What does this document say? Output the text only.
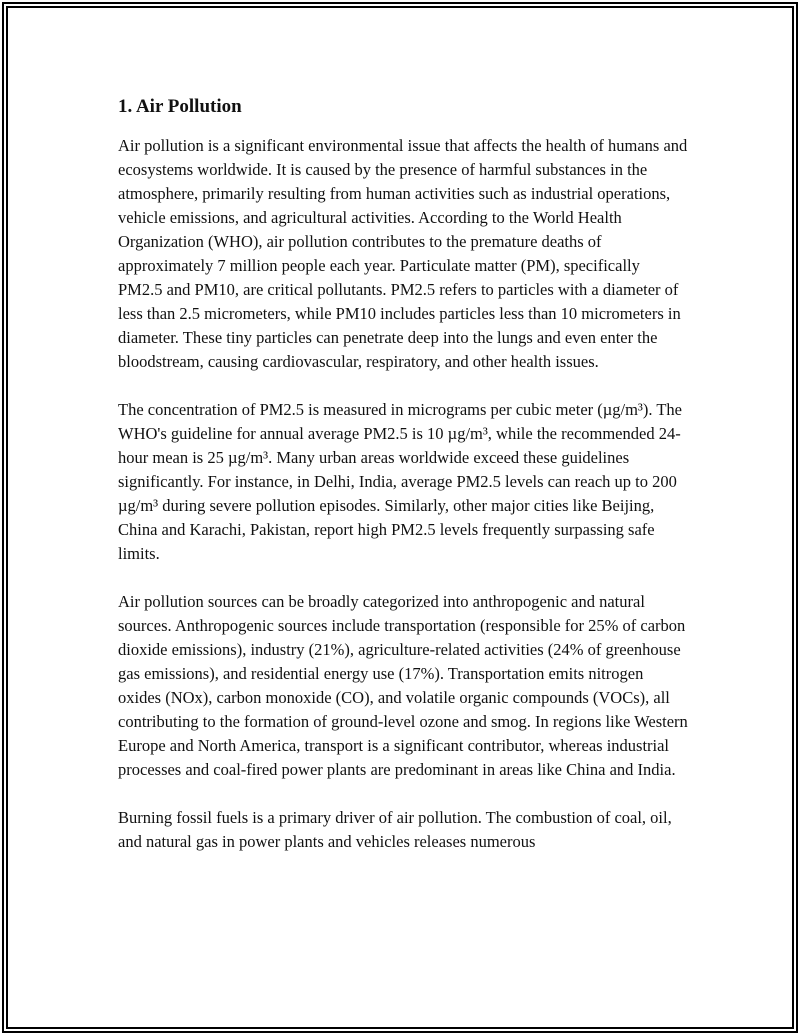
1. Air Pollution

Air pollution is a significant environmental issue that affects the health of humans and ecosystems worldwide. It is caused by the presence of harmful substances in the atmosphere, primarily resulting from human activities such as industrial operations, vehicle emissions, and agricultural activities. According to the World Health Organization (WHO), air pollution contributes to the premature deaths of approximately 7 million people each year. Particulate matter (PM), specifically PM2.5 and PM10, are critical pollutants. PM2.5 refers to particles with a diameter of less than 2.5 micrometers, while PM10 includes particles less than 10 micrometers in diameter. These tiny particles can penetrate deep into the lungs and even enter the bloodstream, causing cardiovascular, respiratory, and other health issues.

The concentration of PM2.5 is measured in micrograms per cubic meter (µg/m³). The WHO's guideline for annual average PM2.5 is 10 µg/m³, while the recommended 24-hour mean is 25 µg/m³. Many urban areas worldwide exceed these guidelines significantly. For instance, in Delhi, India, average PM2.5 levels can reach up to 200 µg/m³ during severe pollution episodes. Similarly, other major cities like Beijing, China and Karachi, Pakistan, report high PM2.5 levels frequently surpassing safe limits.

Air pollution sources can be broadly categorized into anthropogenic and natural sources. Anthropogenic sources include transportation (responsible for 25% of carbon dioxide emissions), industry (21%), agriculture-related activities (24% of greenhouse gas emissions), and residential energy use (17%). Transportation emits nitrogen oxides (NOx), carbon monoxide (CO), and volatile organic compounds (VOCs), all contributing to the formation of ground-level ozone and smog. In regions like Western Europe and North America, transport is a significant contributor, whereas industrial processes and coal-fired power plants are predominant in areas like China and India.

Burning fossil fuels is a primary driver of air pollution. The combustion of coal, oil, and natural gas in power plants and vehicles releases numerous
